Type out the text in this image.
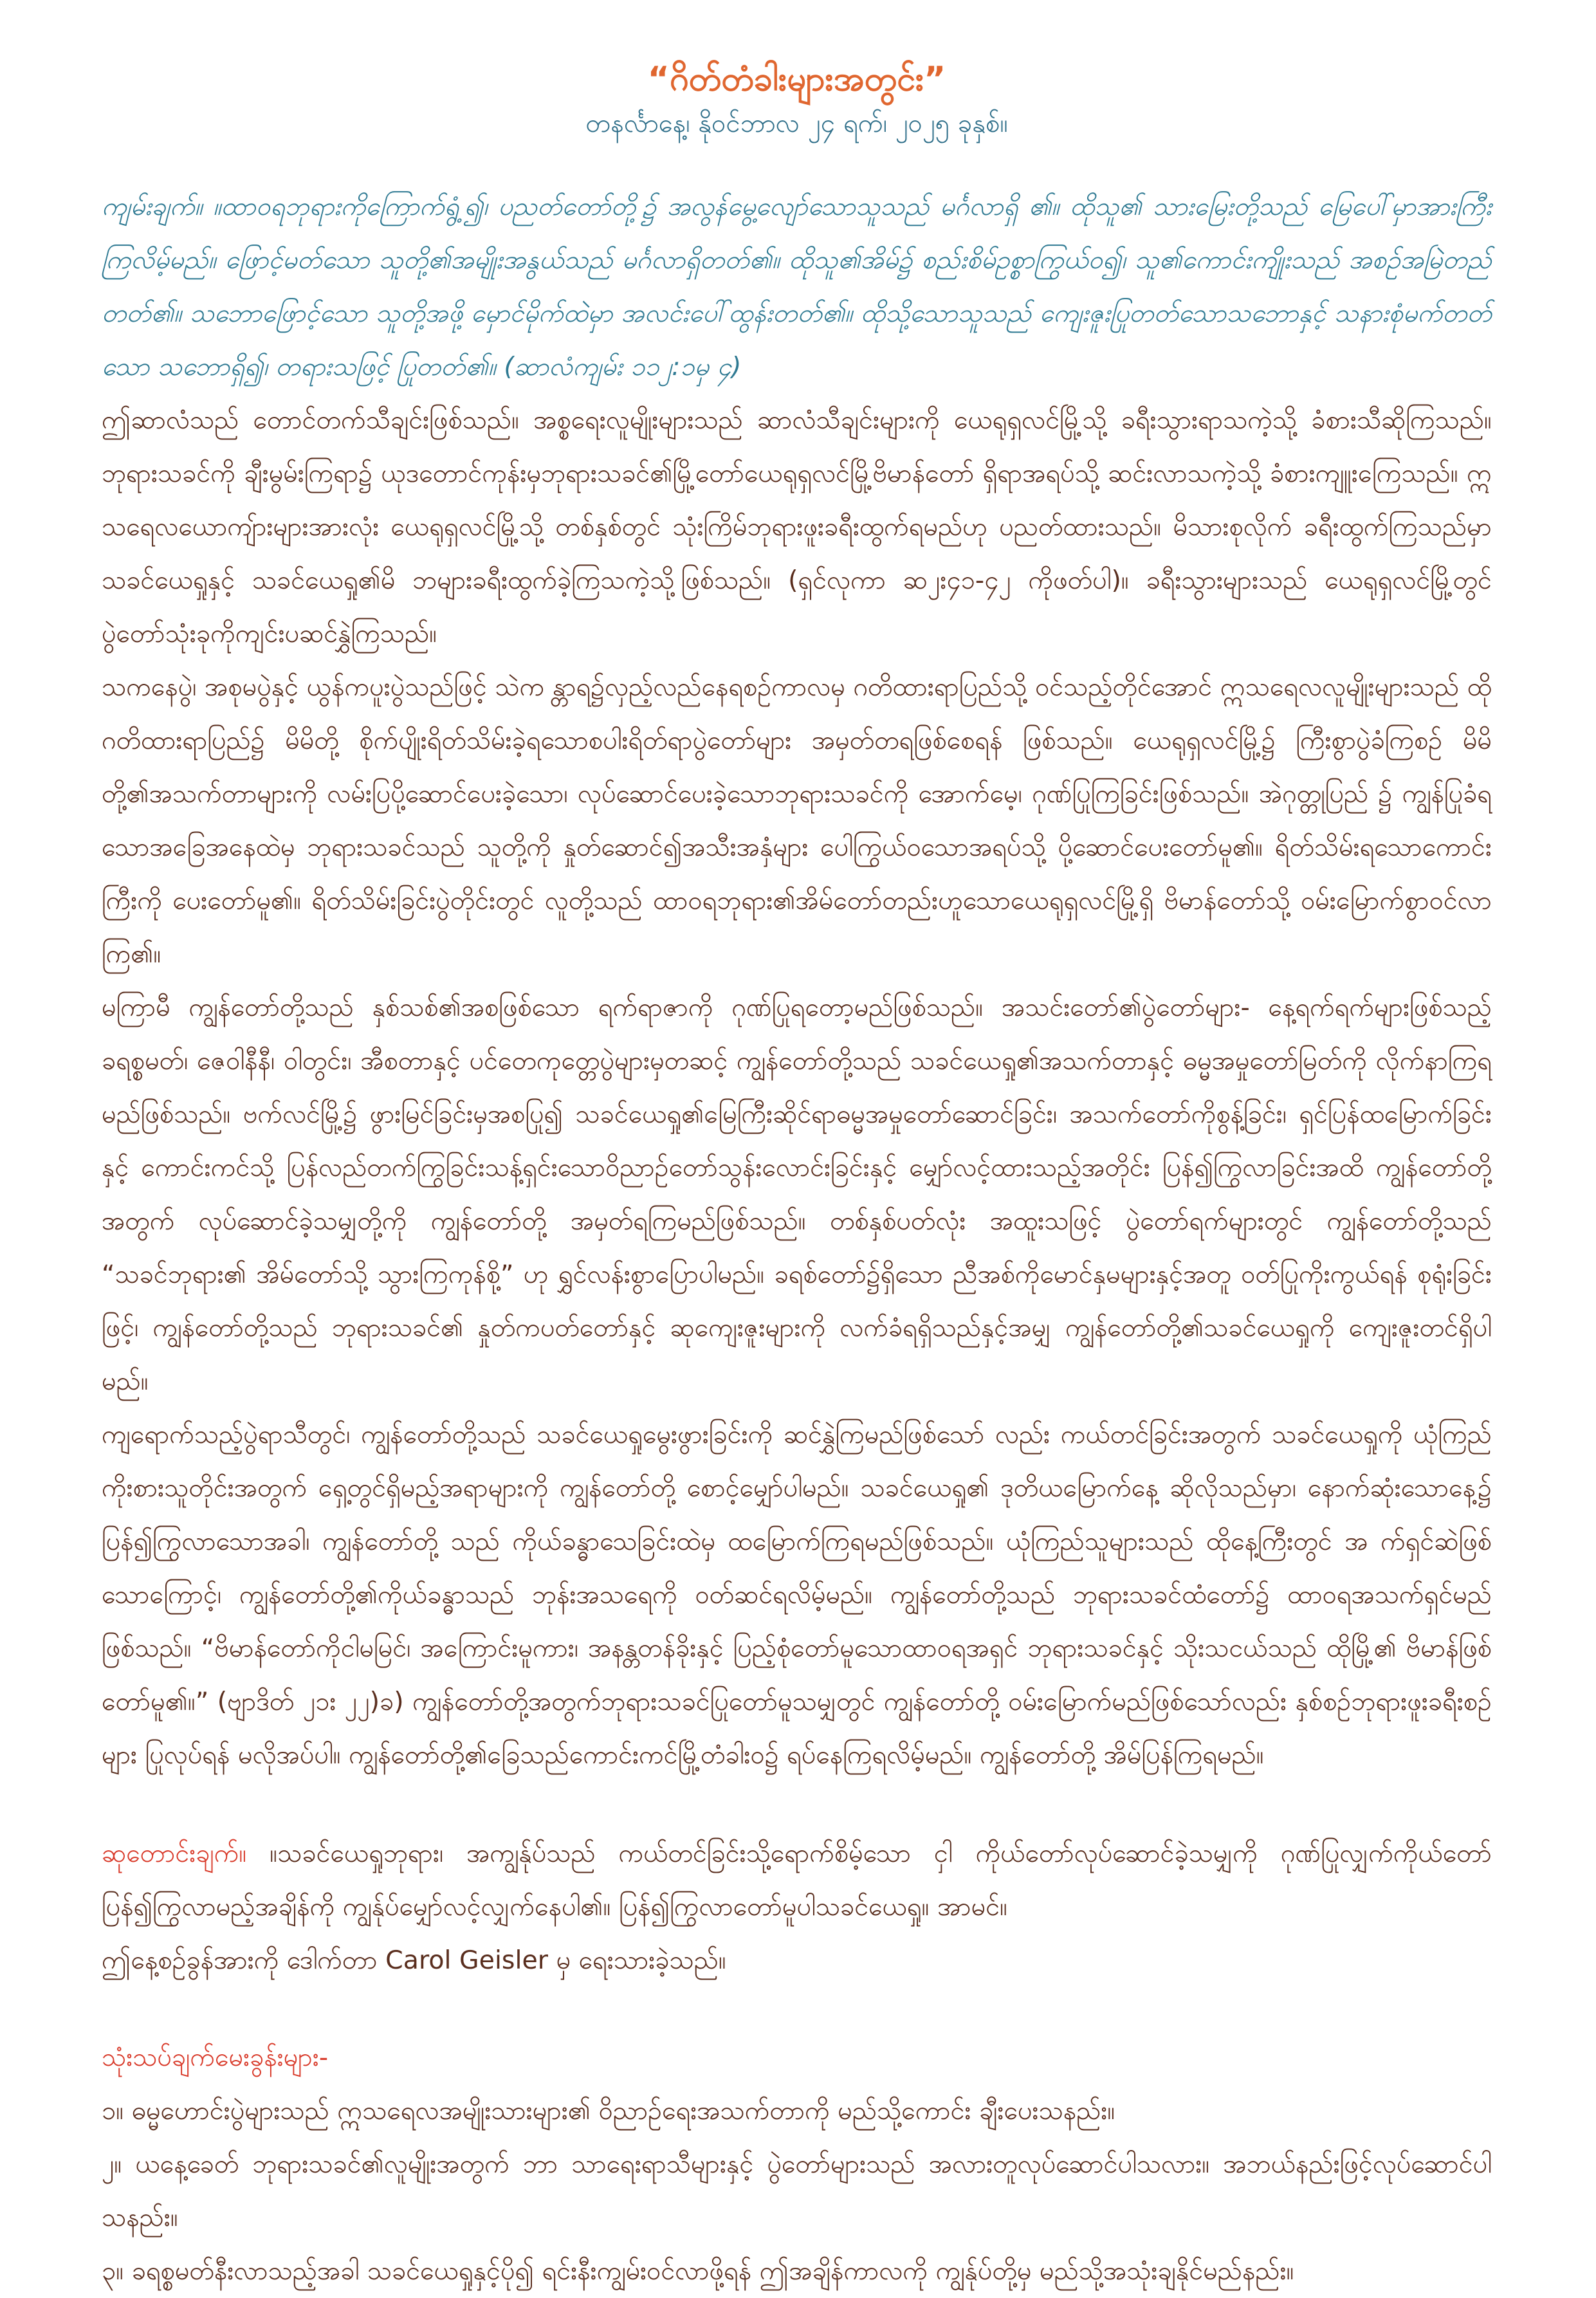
“ဂိတ်တံခါးများအတွင်း”
တနင်္လာနေ့၊ နိုဝင်ဘာလ ၂၄ ရက်၊ ၂၀၂၅ ခုနှစ်။

ကျမ်းချက်။ ။ထာဝရဘုရားကိုကြောက်ရွံ့၍၊ ပညတ်တော်တို့၌ အလွန်မွေ့လျော်သောသူသည် မင်္ဂလာရှိ ၏။ ထိုသူ၏ သားမြေးတို့သည် မြေပေါ်မှာအားကြီးကြလိမ့်မည်။ ဖြောင့်မတ်သော သူတို့၏အမျိုးအနွယ်သည် မင်္ဂလာရှိတတ်၏။ ထိုသူ၏အိမ်၌ စည်းစိမ်ဥစ္စာကြွယ်ဝ၍၊ သူ၏ကောင်းကျိုးသည် အစဉ်အမြဲတည်တတ်၏။ သဘောဖြောင့်သော သူတို့အဖို့ မှောင်မိုက်ထဲမှာ အလင်းပေါ်ထွန်းတတ်၏။ ထိုသို့သောသူသည် ကျေးဇူးပြုတတ်သောသဘောနှင့် သနားစုံမက်တတ်သော သဘောရှိ၍၊ တရားသဖြင့် ပြုတတ်၏။ (ဆာလံကျမ်း ၁၁၂:၁မှ ၄)

ဤဆာလံသည် တောင်တက်သီချင်းဖြစ်သည်။ အစ္စရေးလူမျိုးများသည် ဆာလံသီချင်းများကို ယေရုရှလင်မြို့သို့ ခရီးသွားရာသကဲ့သို့ ခံစားသီဆိုကြသည်။ ဘုရားသခင်ကို ချီးမွမ်းကြရာ၌ ယုဒတောင်ကုန်းမှဘုရားသခင်၏မြို့တော်ယေရုရှလင်မြို့ဗိမာန်တော် ရှိရာအရပ်သို့ ဆင်းလာသကဲ့သို့ ခံစားကျူးကြေသည်။ ဣသရေလယောကျ်ားများအားလုံး ယေရုရှလင်မြို့သို့ တစ်နှစ်တွင် သုံးကြိမ်ဘုရားဖူးခရီးထွက်ရမည်ဟု ပညတ်ထားသည်။ မိသားစုလိုက် ခရီးထွက်ကြသည်မှာ သခင်ယေရှုနှင့် သခင်ယေရှု၏မိ ဘများခရီးထွက်ခဲ့ကြသကဲ့သို့ဖြစ်သည်။ (ရှင်လုကာ ဆ၂း၄၁-၄၂ ကိုဖတ်ပါ)။ ခရီးသွားများသည် ယေရုရှလင်မြို့တွင် ပွဲတော်သုံးခုကိုကျင်းပဆင်နွှဲကြသည်။

သကနေပွဲ၊ အစုမပွဲနှင့် ယွန်ကပူးပွဲသည်ဖြင့် သဲက န္တာရ၌လှည့်လည်နေရစဉ်ကာလမှ ဂတိထားရာပြည်သို့ ဝင်သည့်တိုင်အောင် ဣသရေလလူမျိုးများသည် ထိုဂတိထားရာပြည်၌ မိမိတို့ စိုက်ပျိုးရိတ်သိမ်းခဲ့ရသောစပါးရိတ်ရာပွဲတော်များ အမှတ်တရဖြစ်စေရန် ဖြစ်သည်။ ယေရုရှလင်မြို့၌ ကြီးစွာပွဲခံကြစဉ် မိမိတို့၏အသက်တာများကို လမ်းပြပို့ဆောင်ပေးခဲ့သော၊ လုပ်ဆောင်ပေးခဲ့သောဘုရားသခင်ကို အောက်မေ့၊ ဂုဏ်ပြုကြခြင်းဖြစ်သည်။ အဲဂုတ္တုပြည် ၌ ကျွန်ပြုခံရသောအခြေအနေထဲမှ ဘုရားသခင်သည် သူတို့ကို နှုတ်ဆောင်၍အသီးအနှံများ ပေါကြွယ်ဝသောအရပ်သို့ ပို့ဆောင်ပေးတော်မူ၏။ ရိတ်သိမ်းရသောကောင်းကြီးကို ပေးတော်မူ၏။ ရိတ်သိမ်းခြင်းပွဲတိုင်းတွင် လူတို့သည် ထာဝရဘုရား၏အိမ်တော်တည်းဟူသောယေရုရှလင်မြို့ရှိ ဗိမာန်တော်သို့ ဝမ်းမြောက်စွာဝင်လာကြ၏။

မကြာမီ ကျွန်တော်တို့သည် နှစ်သစ်၏အစဖြစ်သော ရက်ရာဇာကို ဂုဏ်ပြုရတော့မည်ဖြစ်သည်။ အသင်းတော်၏ပွဲတော်များ- နေ့ရက်ရက်များဖြစ်သည့် ခရစ္စမတ်၊ ဇေဝါနီနီ၊ ဝါတွင်း၊ အီစတာနှင့် ပင်တေကုတ္တေပွဲများမှတဆင့် ကျွန်တော်တို့သည် သခင်ယေရှု၏အသက်တာနှင့် ဓမ္မအမှုတော်မြတ်ကို လိုက်နာကြရမည်ဖြစ်သည်။ ဗက်လင်မြို့၌ ဖွားမြင်ခြင်းမှအစပြု၍ သခင်ယေရှု၏မြေကြီးဆိုင်ရာဓမ္မအမှုတော်ဆောင်ခြင်း၊ အသက်တော်ကိုစွန့်ခြင်း၊ ရှင်ပြန်ထမြောက်ခြင်းနှင့် ကောင်းကင်သို့ ပြန်လည်တက်ကြွခြင်းသန့်ရှင်းသောဝိညာဉ်တော်သွန်းလောင်းခြင်းနှင့် မျှော်လင့်ထားသည့်အတိုင်း ပြန်၍ကြွလာခြင်းအထိ ကျွန်တော်တို့အတွက် လုပ်ဆောင်ခဲ့သမျှတို့ကို ကျွန်တော်တို့ အမှတ်ရကြမည်ဖြစ်သည်။ တစ်နှစ်ပတ်လုံး အထူးသဖြင့် ပွဲတော်ရက်များတွင် ကျွန်တော်တို့သည် “သခင်ဘုရား၏ အိမ်တော်သို့ သွားကြကုန်စို့” ဟု ရွှင်လန်းစွာပြောပါမည်။ ခရစ်တော်၌ရှိသော ညီအစ်ကိုမောင်နှမများနှင့်အတူ ဝတ်ပြုကိုးကွယ်ရန် စုရုံးခြင်းဖြင့်၊ ကျွန်တော်တို့သည် ဘုရားသခင်၏ နှုတ်ကပတ်တော်နှင့် ဆုကျေးဇူးများကို လက်ခံရရှိသည်နှင့်အမျှ ကျွန်တော်တို့၏သခင်ယေရှုကို ကျေးဇူးတင်ရှိပါမည်။

ကျရောက်သည့်ပွဲရာသီတွင်၊ ကျွန်တော်တို့သည် သခင်ယေရှုမွေးဖွားခြင်းကို ဆင်နွှဲကြမည်ဖြစ်သော် လည်း ကယ်တင်ခြင်းအတွက် သခင်ယေရှုကို ယုံကြည်ကိုးစားသူတိုင်းအတွက် ရှေ့တွင်ရှိမည့်အရာများကို ကျွန်တော်တို့ စောင့်မျှော်ပါမည်။ သခင်ယေရှု၏ ဒုတိယမြောက်နေ့ ဆိုလိုသည်မှာ၊ နောက်ဆုံးသောနေ့၌ ပြန်၍ကြွလာသောအခါ၊ ကျွန်တော်တို့ သည် ကိုယ်ခန္ဓာသေခြင်းထဲမှ ထမြောက်ကြရမည်ဖြစ်သည်။ ယုံကြည်သူများသည် ထိုနေ့ကြီးတွင် အ က်ရှင်ဆဲဖြစ်သောကြောင့်၊ ကျွန်တော်တို့၏ကိုယ်ခန္ဓာသည် ဘုန်းအသရေကို ဝတ်ဆင်ရလိမ့်မည်။ ကျွန်တော်တို့သည် ဘုရားသခင်ထံတော်၌ ထာဝရအသက်ရှင်မည်ဖြစ်သည်။ “ဗိမာန်တော်ကိုငါမမြင်၊ အကြောင်းမူကား၊ အနန္တတန်ခိုးနှင့် ပြည့်စုံတော်မူသောထာဝရအရှင် ဘုရားသခင်နှင့် သိုးသငယ်သည် ထိုမြို့၏ ဗိမာန်ဖြစ်တော်မူ၏။” (ဗျာဒိတ် ၂၁း ၂၂)ခ) ကျွန်တော်တို့အတွက်ဘုရားသခင်ပြုတော်မူသမျှတွင် ကျွန်တော်တို့ ဝမ်းမြောက်မည်ဖြစ်သော်လည်း နှစ်စဉ်ဘုရားဖူးခရီးစဉ်များ ပြုလုပ်ရန် မလိုအပ်ပါ။ ကျွန်တော်တို့၏ခြေသည်ကောင်းကင်မြို့တံခါးဝ၌ ရပ်နေကြရလိမ့်မည်။ ကျွန်တော်တို့ အိမ်ပြန်ကြရမည်။

ဆုတောင်းချက်။ ။သခင်ယေရှုဘုရား၊ အကျွန်ုပ်သည် ကယ်တင်ခြင်းသို့ရောက်စိမ့်သော ငှါ ကိုယ်တော်လုပ်ဆောင်ခဲ့သမျှကို ဂုဏ်ပြုလျှက်ကိုယ်တော်ပြန်၍ကြွလာမည့်အချိန်ကို ကျွန်ုပ်မျှော်လင့်လျှက်နေပါ၏။ ပြန်၍ကြွလာတော်မူပါသခင်ယေရှု။ အာမင်။

ဤနေ့စဉ်ခွန်အားကို ဒေါက်တာ Carol Geisler မှ ရေးသားခဲ့သည်။

သုံးသပ်ချက်မေးခွန်းများ-

၁။ ဓမ္မဟောင်းပွဲများသည် ဣသရေလအမျိုးသားများ၏ ဝိညာဉ်ရေးအသက်တာကို မည်သို့ကောင်း ချီးပေးသနည်း။

၂။ ယနေ့ခေတ် ဘုရားသခင်၏လူမျိုးအတွက် ဘာ သာရေးရာသီများနှင့် ပွဲတော်များသည် အလားတူလုပ်ဆောင်ပါသလား။ အဘယ်နည်းဖြင့်လုပ်ဆောင်ပါသနည်း။

၃။ ခရစ္စမတ်နီးလာသည့်အခါ သခင်ယေရှုနှင့်ပို၍ ရင်းနီးကျွမ်းဝင်လာဖို့ရန် ဤအချိန်ကာလကို ကျွန်ုပ်တို့မှ မည်သို့အသုံးချနိုင်မည်နည်း။
